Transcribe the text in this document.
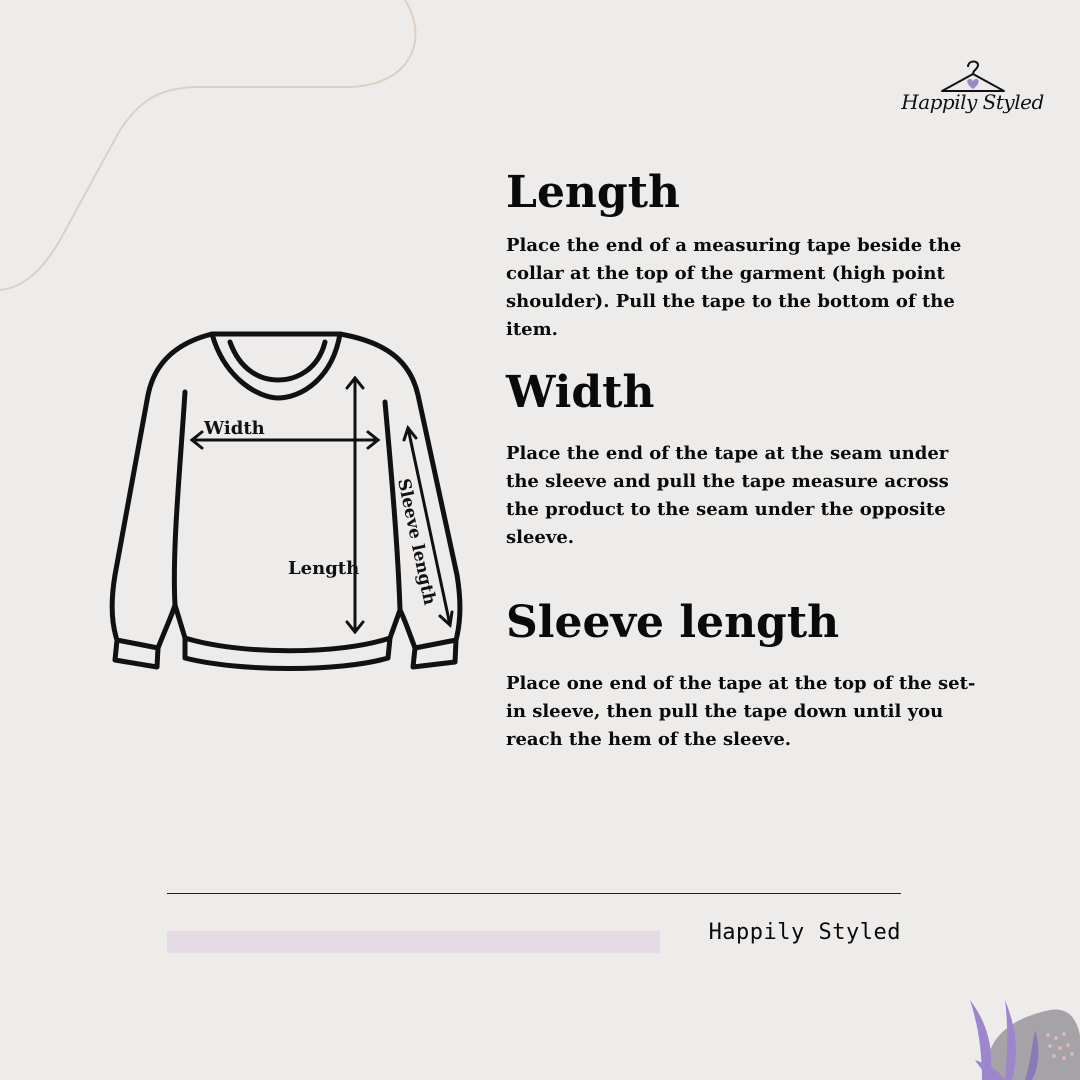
Happily Styled
Width
Length Sleeve length
Length

Place the end of a measuring tape beside the collar at the top of the garment (high point shoulder). Pull the tape to the bottom of the item.

Width

Place the end of the tape at the seam under the sleeve and pull the tape measure across the product to the seam under the opposite sleeve.

Sleeve length

Place one end of the tape at the top of the set-in sleeve, then pull the tape down until you reach the hem of the sleeve.

Happily Styled
